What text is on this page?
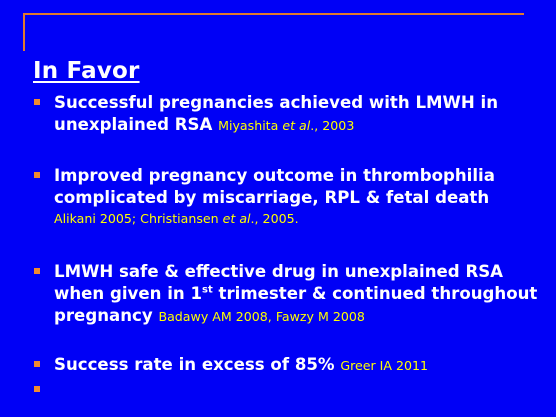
In Favor
Successful pregnancies achieved with LMWH in
unexplained RSA Miyashita et al., 2003
Improved pregnancy outcome in thrombophilia
complicated by miscarriage, RPL & fetal death
Alikani 2005; Christiansen et al., 2005.
LMWH safe & effective drug in unexplained RSA
when given in 1st trimester & continued throughout
pregnancy Badawy AM 2008, Fawzy M 2008
Success rate in excess of 85% Greer IA 2011
